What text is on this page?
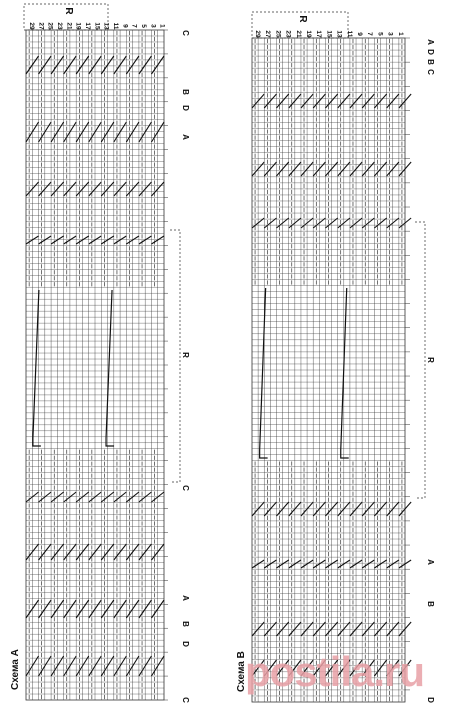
R
29 27 25 23 21 19 17 15 13 11 9 7 5 3 1
C
B
D
A
R
C
A
B
D
C
R
29 27 25 23 21 19 17 15 13 11 9 7 5 3 1
A
D
B
C
R
A
B
D
postila.ru
Схема А	Схема B
